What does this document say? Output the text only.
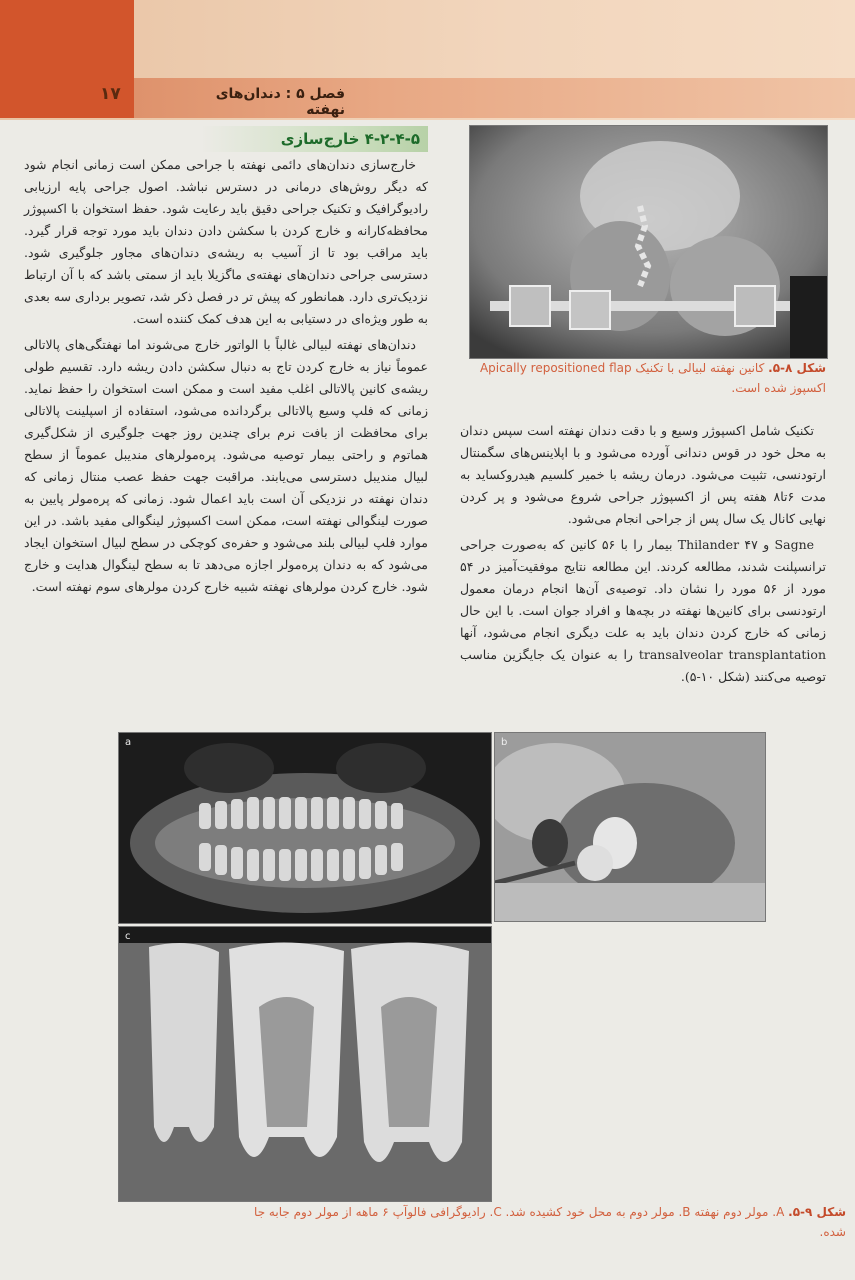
۱۷	فصل ۵ : دندان‌های نهفته
شکل ۸-۵. کانین نهفته لبیالی با تکنیک Apically repositioned flap اکسپوز شده است.
۴-۲-۴-۵ خارج‌سازی

خارج‌سازی دندان‌های دائمی نهفته با جراحی ممکن است زمانی انجام شود که دیگر روش‌های درمانی در دسترس نباشد. اصول جراحی پایه ارزیابی رادیوگرافیک و تکنیک جراحی دقیق باید رعایت شود. حفظ استخوان با اکسپوژر محافظه‌کارانه و خارج کردن با سکشن دادن دندان باید مورد توجه قرار گیرد. باید مراقب بود تا از آسیب به ریشه‌ی دندان‌های مجاور جلوگیری شود. دسترسی جراحی دندان‌های نهفته‌ی ماگزیلا باید از سمتی باشد که با آن ارتباط نزدیک‌تری دارد. همانطور که پیش تر در فصل ذکر شد، تصویر برداری سه بعدی به طور ویژه‌ای در دستیابی به این هدف کمک کننده است.

دندان‌های نهفته لبیالی غالباً با الواتور خارج می‌شوند اما نهفتگی‌های پالاتالی عموماً نیاز به خارج کردن تاج به دنبال سکشن دادن ریشه دارد. تقسیم طولی ریشه‌ی کانین پالاتالی اغلب مفید است و ممکن است استخوان را حفظ نماید. زمانی که فلپ وسیع پالاتالی برگردانده می‌شود، استفاده از اسپلینت پالاتالی برای محافظت از بافت نرم برای چندین روز جهت جلوگیری از شکل‌گیری هماتوم و راحتی بیمار توصیه می‌شود. پره‌مولرهای مندیبل عموماً از سطح لبیال مندیبل دسترسی می‌یابند. مراقبت جهت حفظ عصب منتال زمانی که دندان نهفته در نزدیکی آن است باید اعمال شود. زمانی که پره‌مولر پایین به صورت لینگوالی نهفته است، ممکن است اکسپوژر لینگوالی مفید باشد. در این موارد فلپ لبیالی بلند می‌شود و حفره‌ی کوچکی در سطح لبیال استخوان ایجاد می‌شود که به دندان پره‌مولر اجازه می‌دهد تا به سطح لینگوال هدایت و خارج شود. خارج کردن مولرهای نهفته شبیه خارج کردن مولرهای سوم نهفته است.

تکنیک شامل اکسپوژر وسیع و با دقت دندان نهفته است سپس دندان به محل خود در قوس دندانی آورده می‌شود و با اپلاینس‌های سگمنتال ارتودنسی، تثبیت می‌شود. درمان ریشه با خمیر کلسیم هیدروکساید به مدت ۶تا۸ هفته پس از اکسپوژر جراحی شروع می‌شود و پر کردن نهایی کانال یک سال پس از جراحی انجام می‌شود.

Sagne و Thilander ۴۷ بیمار را با ۵۶ کانین که به‌صورت جراحی ترانسپلنت شدند، مطالعه کردند. این مطالعه نتایج موفقیت‌آمیز در ۵۴ مورد از ۵۶ مورد را نشان داد. توصیه‌ی آن‌ها انجام درمان معمول ارتودنسی برای کانین‌ها نهفته در بچه‌ها و افراد جوان است. با این حال زمانی که خارج کردن دندان باید به علت دیگری انجام می‌شود، آنها transalveolar transplantation را به عنوان یک جایگزین مناسب توصیه می‌کنند (شکل ۱۰-۵).

a	b
c
شکل ۹-۵. A. مولر دوم نهفته B. مولر دوم به محل خود کشیده شد. C. رادیوگرافی فالوآپ ۶ ماهه از مولر دوم جابه جا شده.
